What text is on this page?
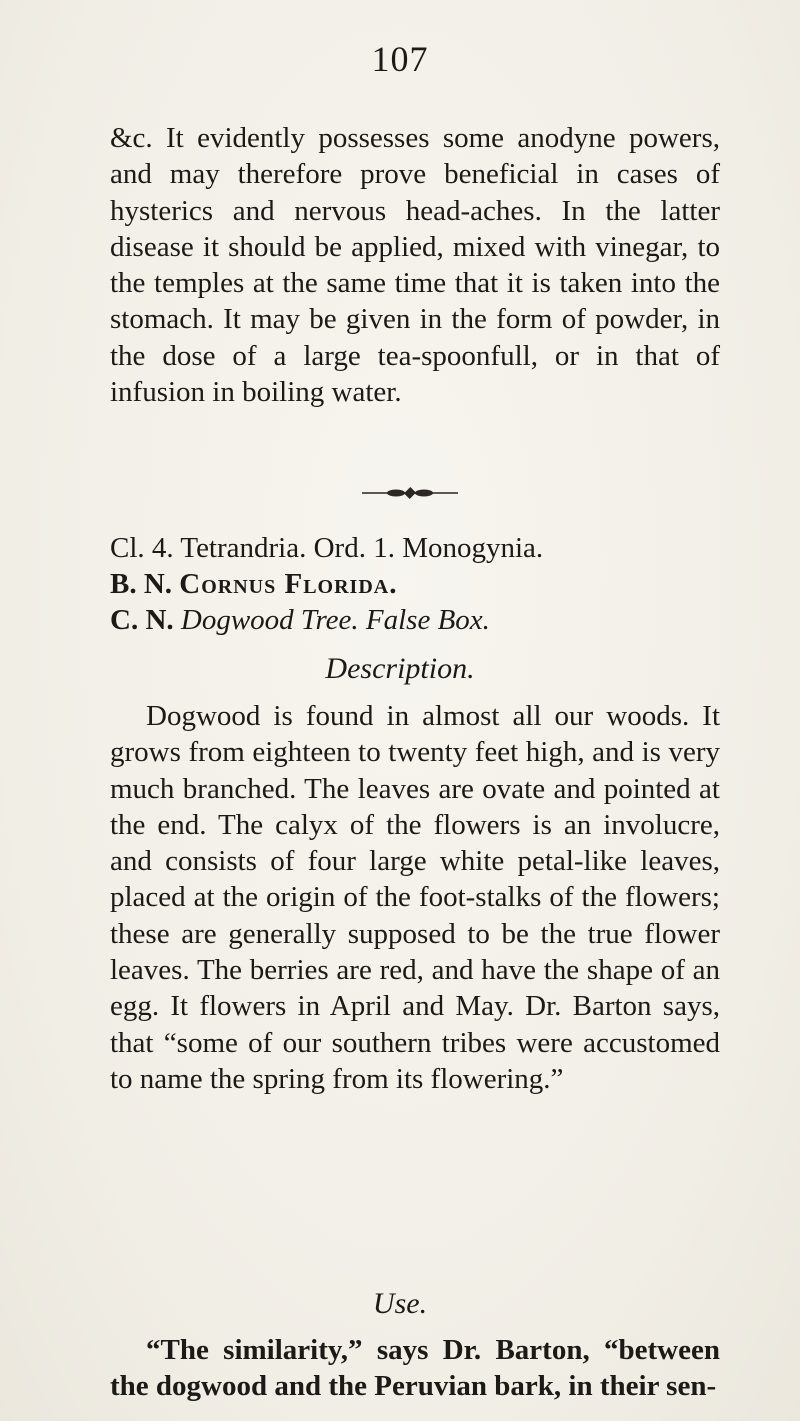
107

&c. It evidently possesses some anodyne powers, and may therefore prove beneficial in cases of hysterics and nervous head-aches. In the latter disease it should be applied, mixed with vinegar, to the temples at the same time that it is taken into the stomach. It may be given in the form of powder, in the dose of a large tea-spoonfull, or in that of infusion in boiling water.

Cl. 4. Tetrandria. Ord. 1. Monogynia.
B. N. Cornus Florida.
C. N. Dogwood Tree. False Box.
Description.

Dogwood is found in almost all our woods. It grows from eighteen to twenty feet high, and is very much branched. The leaves are ovate and pointed at the end. The calyx of the flowers is an involucre, and consists of four large white petal-like leaves, placed at the origin of the foot-stalks of the flowers; these are generally supposed to be the true flower leaves. The berries are red, and have the shape of an egg. It flowers in April and May. Dr. Barton says, that “some of our southern tribes were accustomed to name the spring from its flowering.”

Use.

“The similarity,” says Dr. Barton, “between the dogwood and the Peruvian bark, in their sen-
